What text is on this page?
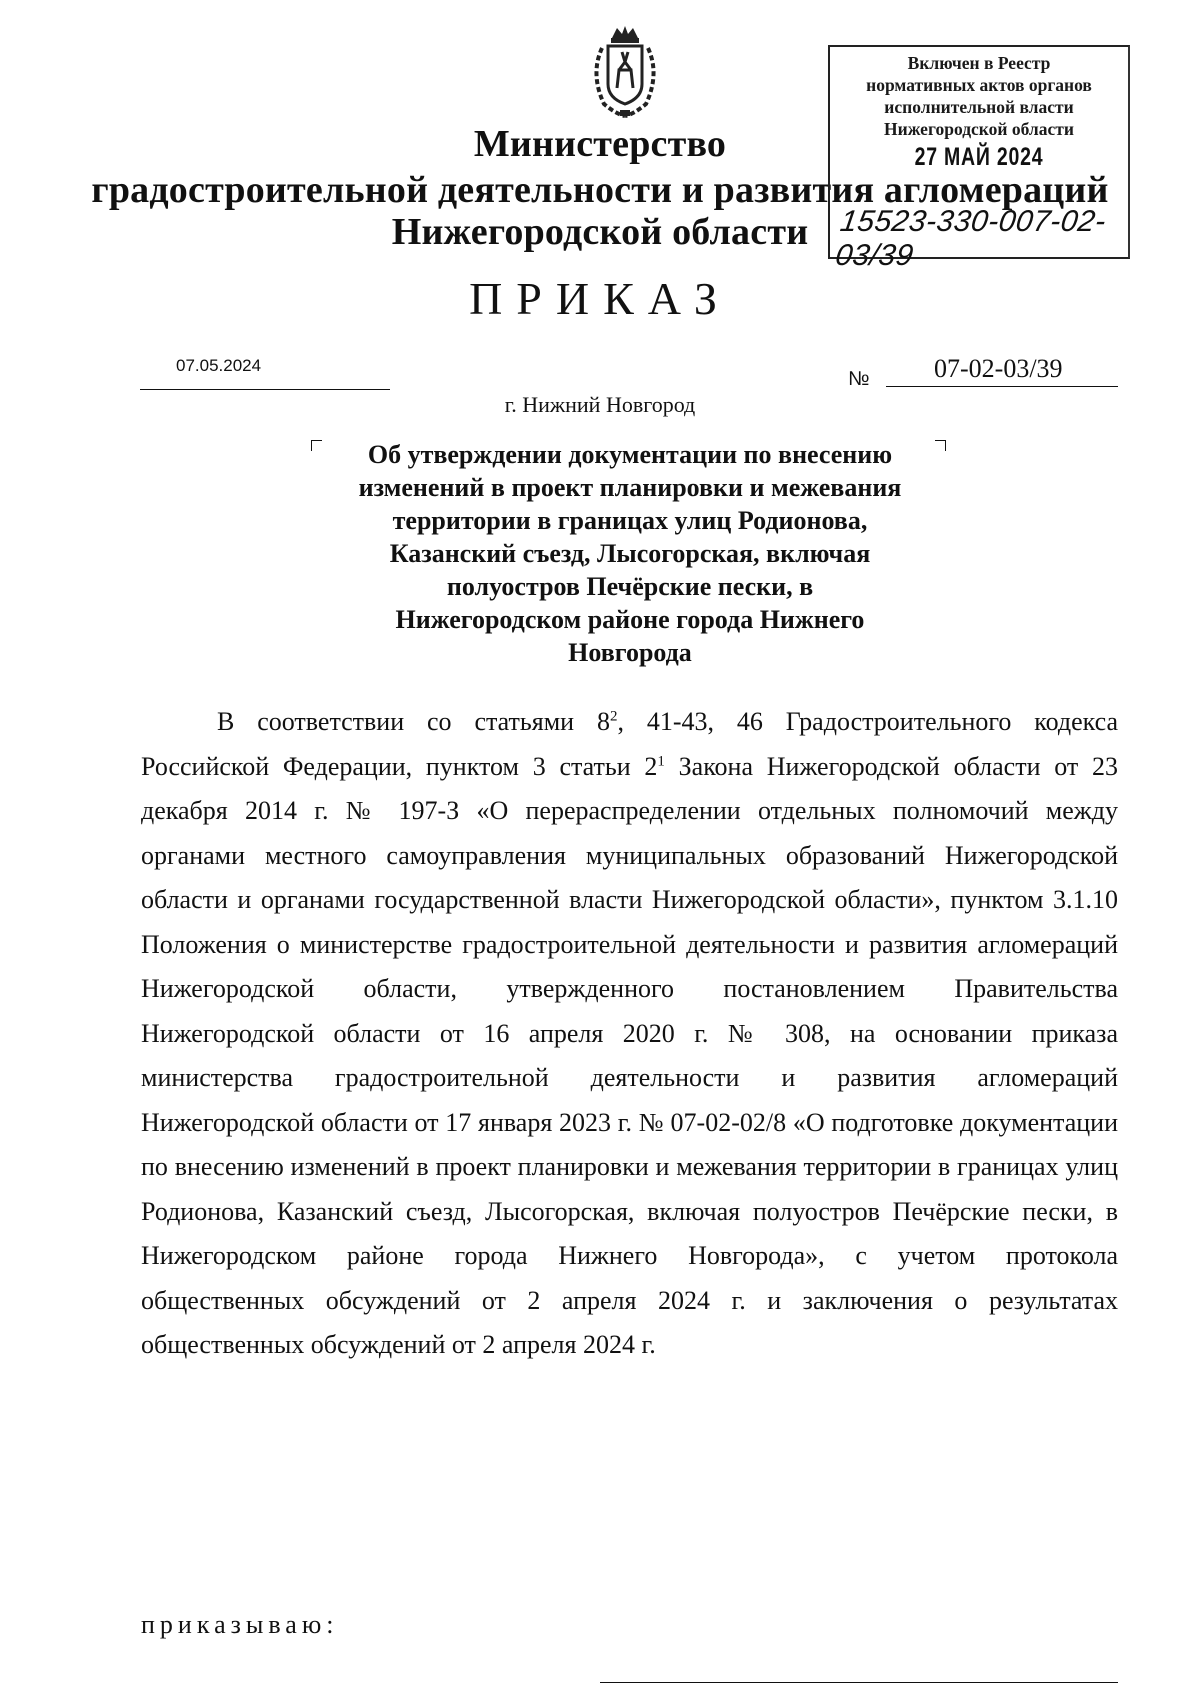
Министерство
градостроительной деятельности и развития агломераций
Нижегородской области
Включен в Реестр
нормативных актов органов
исполнительной власти
Нижегородской области
27 МАЙ 2024
15523-330-007-02-03/39
ПРИКАЗ
07.05.2024
№ 07-02-03/39
г. Нижний Новгород
Об утверждении документации по внесению
изменений в проект планировки и межевания
территории в границах улиц Родионова,
Казанский съезд, Лысогорская, включая
полуостров Печёрские пески, в
Нижегородском районе города Нижнего
Новгорода
В соответствии со статьями $8^2$, 41-43, 46 Градостроительного кодекса Российской Федерации, пунктом 3 статьи $2^1$ Закона Нижегородской области от 23 декабря 2014 г. № 197-З «О перераспределении отдельных полномочий между органами местного самоуправления муниципальных образований Нижегородской области и органами государственной власти Нижегородской области», пунктом 3.1.10 Положения о министерстве градостроительной деятельности и развития агломераций Нижегородской области, утвержденного постановлением Правительства Нижегородской области от 16 апреля 2020 г. № 308, на основании приказа министерства градостроительной деятельности и развития агломераций Нижегородской области от 17 января 2023 г. № 07-02-02/8 «О подготовке документации по внесению изменений в проект планировки и межевания территории в границах улиц Родионова, Казанский съезд, Лысогорская, включая полуостров Печёрские пески, в Нижегородском районе города Нижнего Новгорода», с учетом протокола общественных обсуждений от 2 апреля 2024 г. и заключения о результатах общественных обсуждений от 2 апреля 2024 г.
приказываю:
